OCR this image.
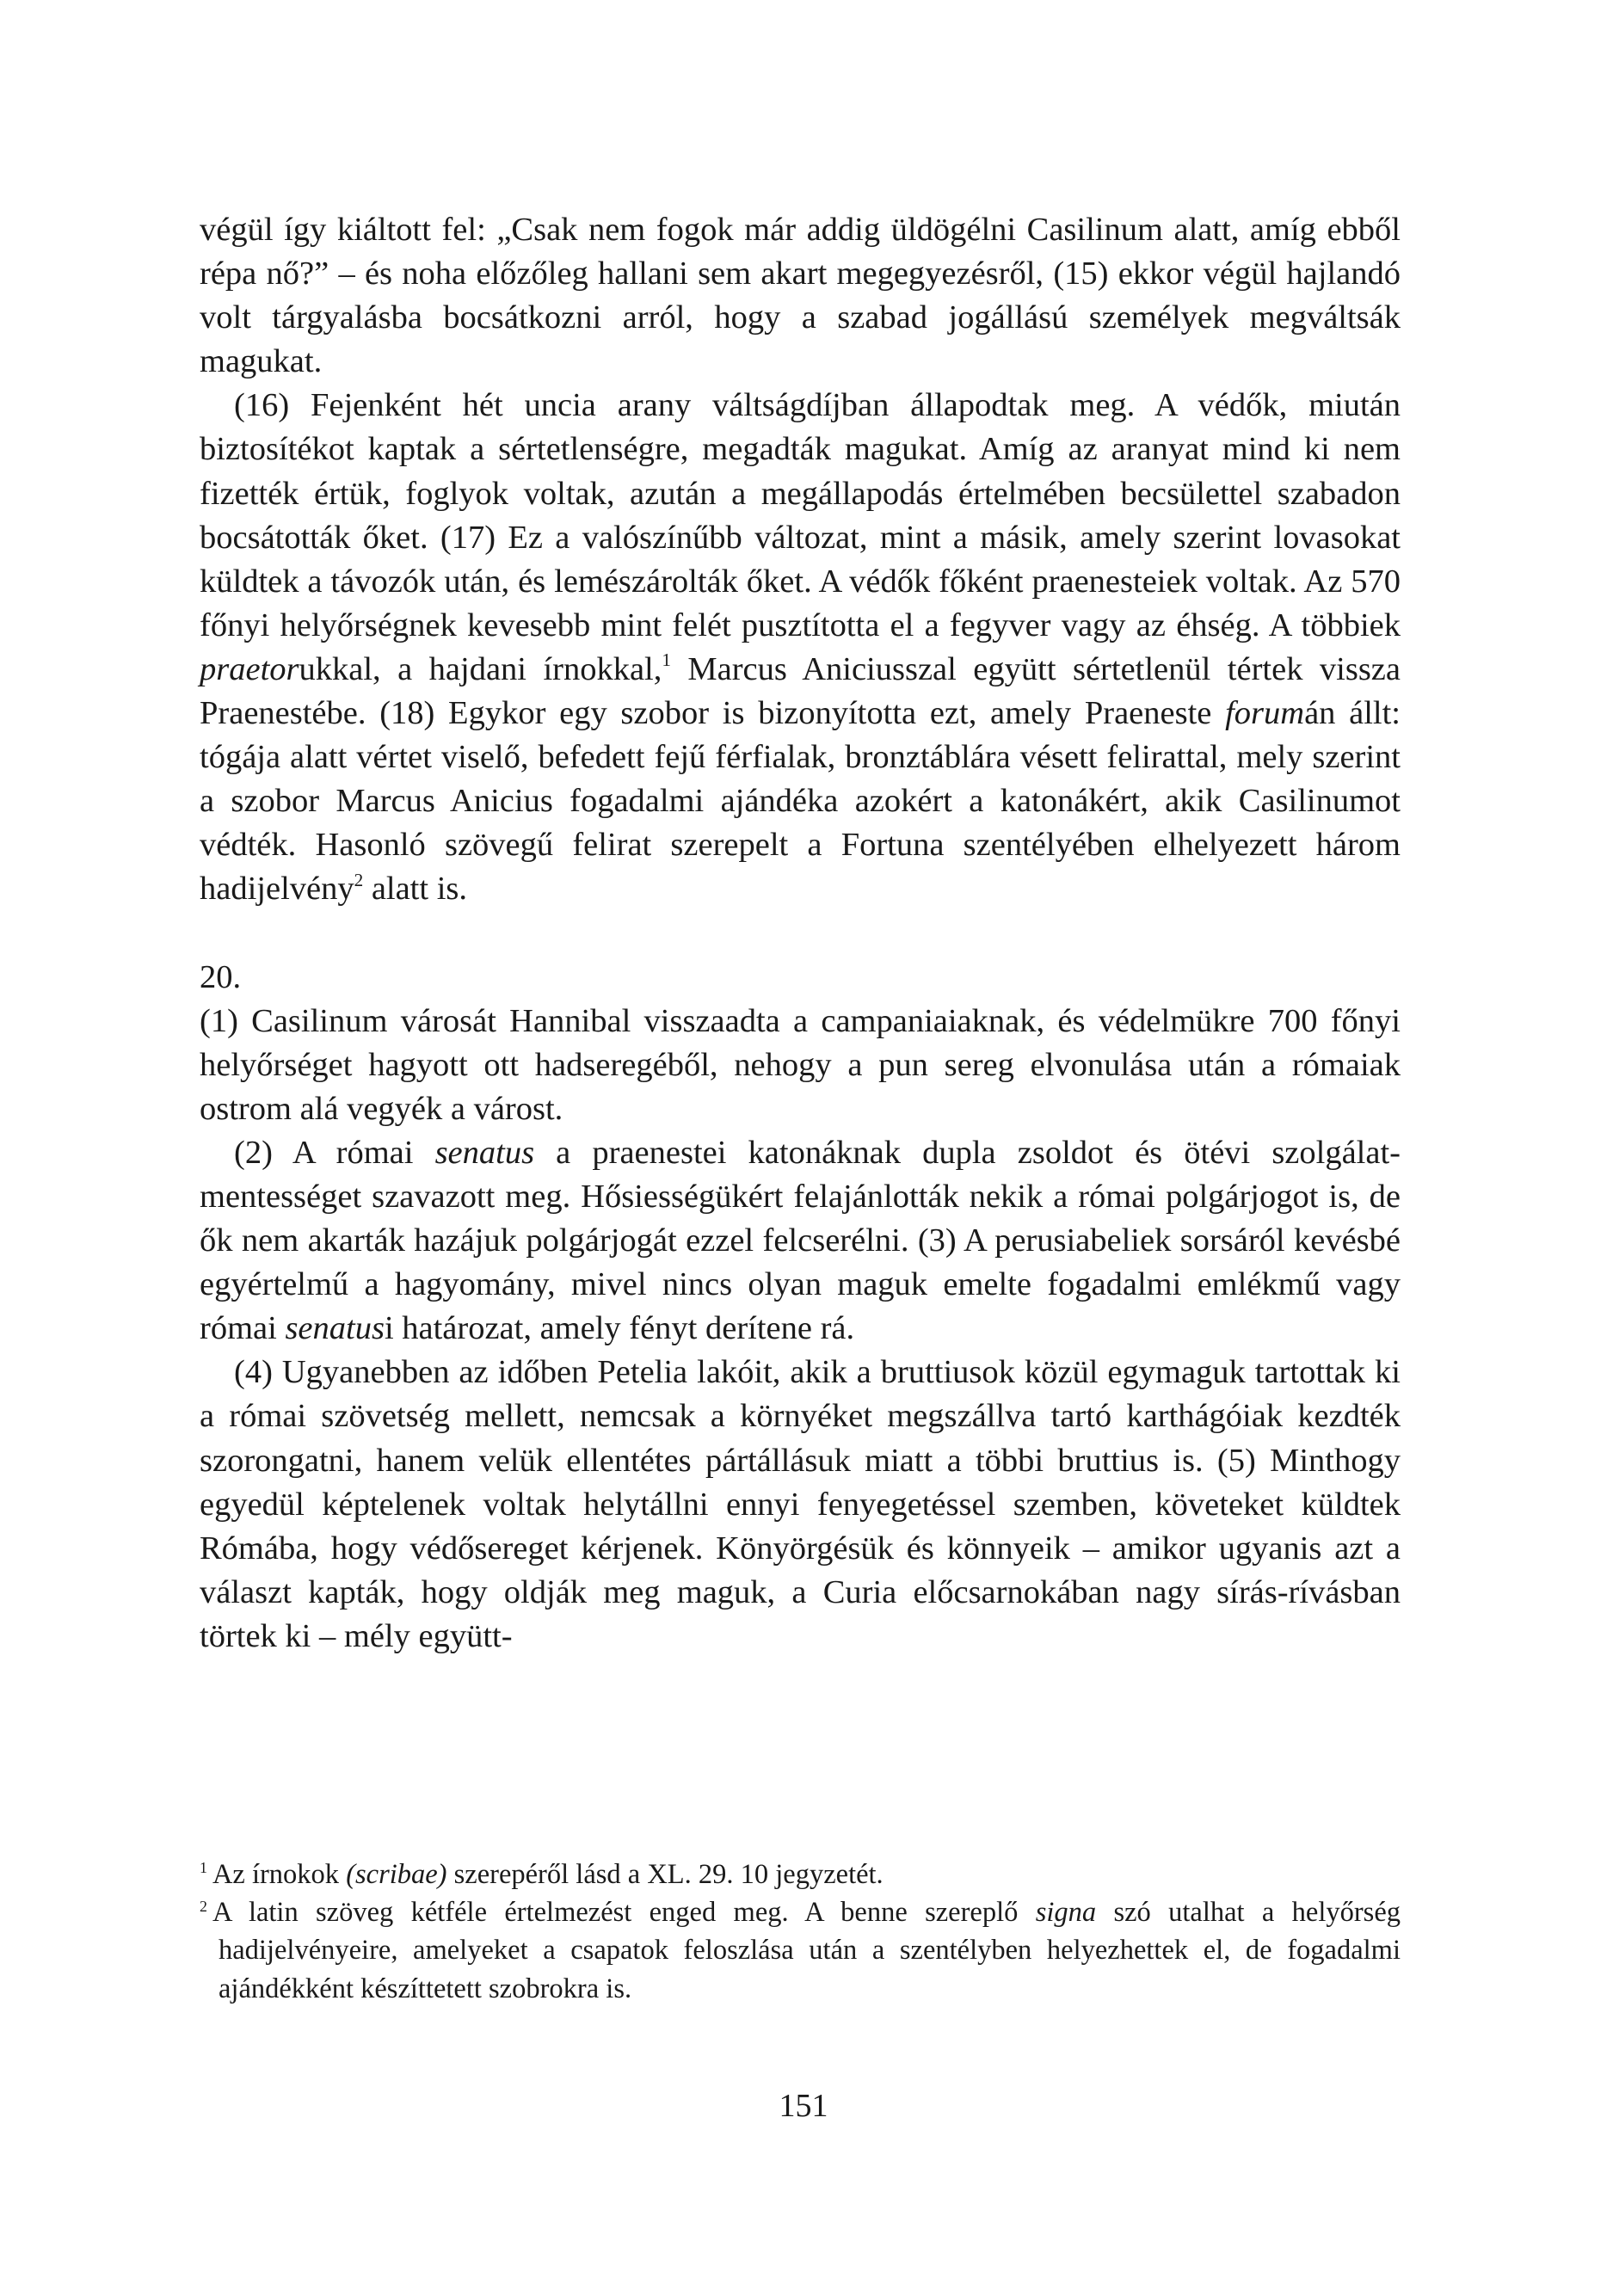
végül így kiáltott fel: „Csak nem fogok már addig üldögélni Casilinum alatt, amíg ebből répa nő?” – és noha előzőleg hallani sem akart megegyezésről, (15) ekkor végül hajlandó volt tárgyalásba bocsátkozni arról, hogy a szabad jogállású személyek megváltsák magukat.

(16) Fejenként hét uncia arany váltságdíjban állapodtak meg. A védők, miután biztosítékot kaptak a sértetlenségre, megadták magukat. Amíg az aranyat mind ki nem fizették értük, foglyok voltak, azután a megállapodás értelmében becsülettel szabadon bocsátották őket. (17) Ez a valószínűbb változat, mint a másik, amely szerint lovasokat küldtek a távozók után, és lemészárolták őket. A védők főként praenesteiek voltak. Az 570 főnyi helyőrségnek kevesebb mint felét pusztította el a fegyver vagy az éhség. A többiek praetorukkal, a hajdani írnokkal,$^1$ Marcus Aniciusszal együtt sértetlenül tértek vissza Praenestébe. (18) Egykor egy szobor is bizonyította ezt, amely Praeneste forumán állt: tógája alatt vértet viselő, befedett fejű férfialak, bronztáblára vésett felirattal, mely szerint a szobor Marcus Anicius fogadalmi ajándéka azokért a katonákért, akik Casilinumot védték. Hasonló szövegű felirat szerepelt a Fortuna szentélyében elhelyezett három hadijelvény$^2$ alatt is.

20.

(1) Casilinum városát Hannibal visszaadta a campaniaiaknak, és védelmükre 700 főnyi helyőrséget hagyott ott hadseregéből, nehogy a pun sereg elvonulása után a rómaiak ostrom alá vegyék a várost.

(2) A római senatus a praenestei katonáknak dupla zsoldot és ötévi szolgálatmentességet szavazott meg. Hősiességükért felajánlották nekik a római polgárjogot is, de ők nem akarták hazájuk polgárjogát ezzel felcserélni. (3) A perusiabeliek sorsáról kevésbé egyértelmű a hagyomány, mivel nincs olyan maguk emelte fogadalmi emlékmű vagy római senatusi határozat, amely fényt derítene rá.

(4) Ugyanebben az időben Petelia lakóit, akik a bruttiusok közül egymaguk tartottak ki a római szövetség mellett, nemcsak a környéket megszállva tartó karthágóiak kezdték szorongatni, hanem velük ellentétes pártállásuk miatt a többi bruttius is. (5) Minthogy egyedül képtelenek voltak helytállni ennyi fenyegetéssel szemben, követeket küldtek Rómába, hogy védősereget kérjenek. Könyörgésük és könnyeik – amikor ugyanis azt a választ kapták, hogy oldják meg maguk, a Curia előcsarnokában nagy sírás-rívásban törtek ki – mély együtt-

$^1$ Az írnokok (scribae) szerepéről lásd a XL. 29. 10 jegyzetét.

$^2$ A latin szöveg kétféle értelmezést enged meg. A benne szereplő signa szó utalhat a helyőrség hadijelvényeire, amelyeket a csapatok feloszlása után a szentélyben helyezhettek el, de fogadalmi ajándékként készíttetett szobrokra is.

151
